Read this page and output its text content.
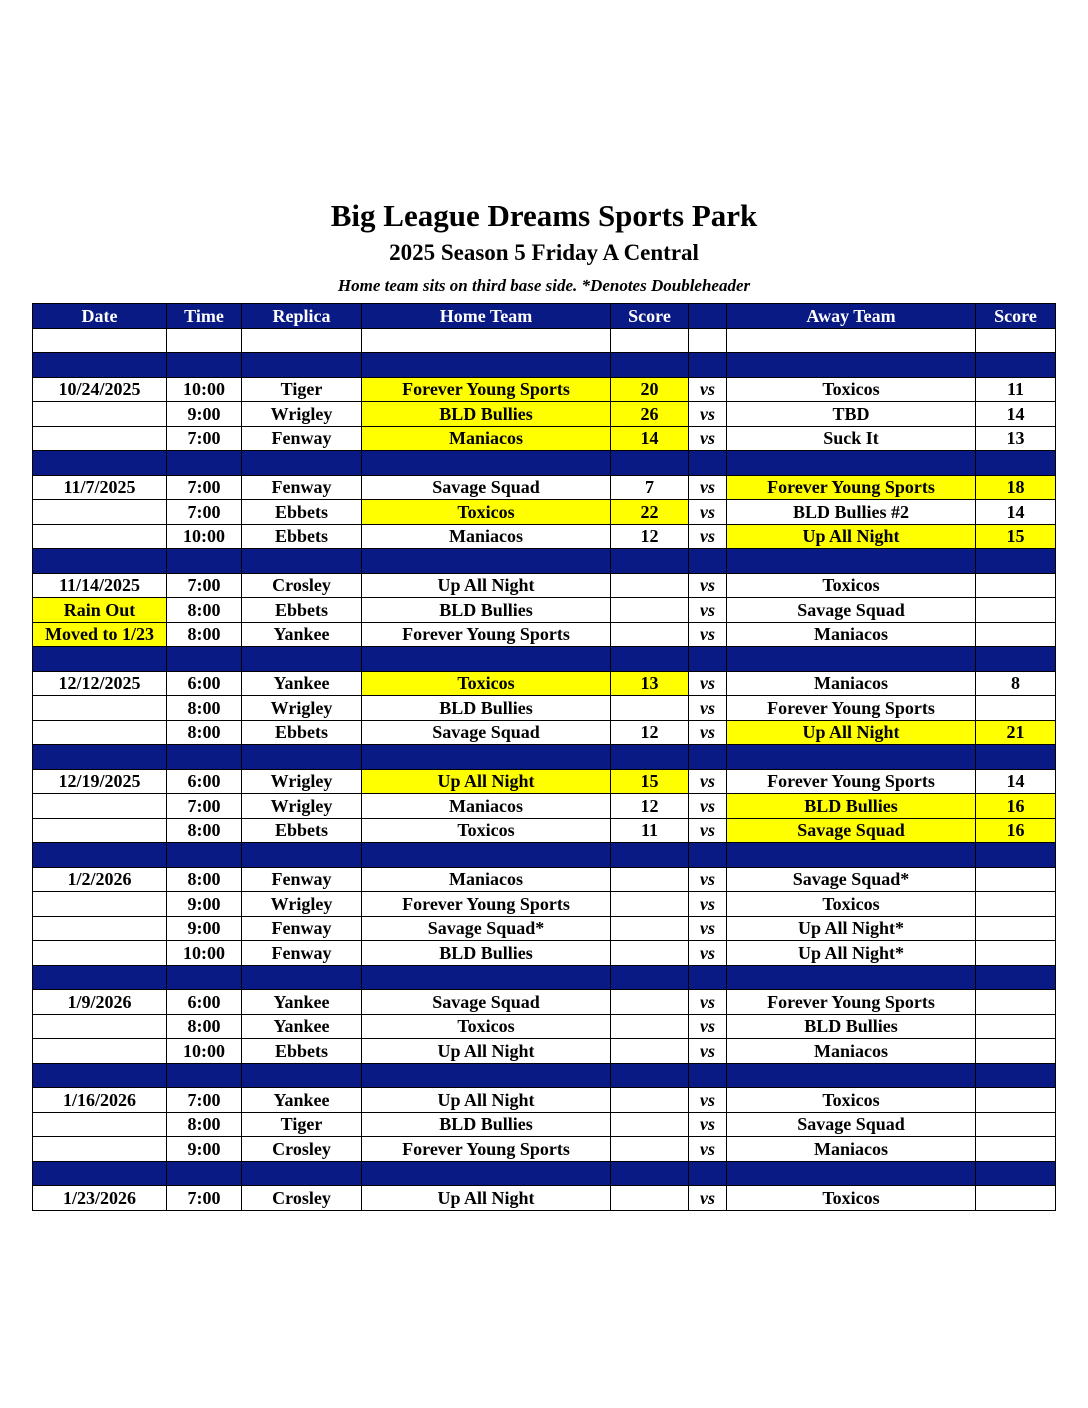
Big League Dreams Sports Park
2025 Season 5 Friday A Central
Home team sits on third base side. *Denotes Doubleheader
Date	Time	Replica	Home Team	Score		Away Team	Score

10/24/2025	10:00	Tiger	Forever Young Sports	20	vs	Toxicos	11
	9:00	Wrigley	BLD Bullies	26	vs	TBD	14
	7:00	Fenway	Maniacos	14	vs	Suck It	13

11/7/2025	7:00	Fenway	Savage Squad	7	vs	Forever Young Sports	18
	7:00	Ebbets	Toxicos	22	vs	BLD Bullies #2	14
	10:00	Ebbets	Maniacos	12	vs	Up All Night	15

11/14/2025	7:00	Crosley	Up All Night		vs	Toxicos	
Rain Out	8:00	Ebbets	BLD Bullies		vs	Savage Squad	
Moved to 1/23	8:00	Yankee	Forever Young Sports		vs	Maniacos	

12/12/2025	6:00	Yankee	Toxicos	13	vs	Maniacos	8
	8:00	Wrigley	BLD Bullies		vs	Forever Young Sports	
	8:00	Ebbets	Savage Squad	12	vs	Up All Night	21

12/19/2025	6:00	Wrigley	Up All Night	15	vs	Forever Young Sports	14
	7:00	Wrigley	Maniacos	12	vs	BLD Bullies	16
	8:00	Ebbets	Toxicos	11	vs	Savage Squad	16

1/2/2026	8:00	Fenway	Maniacos		vs	Savage Squad*	
	9:00	Wrigley	Forever Young Sports		vs	Toxicos	
	9:00	Fenway	Savage Squad*		vs	Up All Night*	
	10:00	Fenway	BLD Bullies		vs	Up All Night*	

1/9/2026	6:00	Yankee	Savage Squad		vs	Forever Young Sports	
	8:00	Yankee	Toxicos		vs	BLD Bullies	
	10:00	Ebbets	Up All Night		vs	Maniacos	

1/16/2026	7:00	Yankee	Up All Night		vs	Toxicos	
	8:00	Tiger	BLD Bullies		vs	Savage Squad	
	9:00	Crosley	Forever Young Sports		vs	Maniacos	

1/23/2026	7:00	Crosley	Up All Night		vs	Toxicos	
